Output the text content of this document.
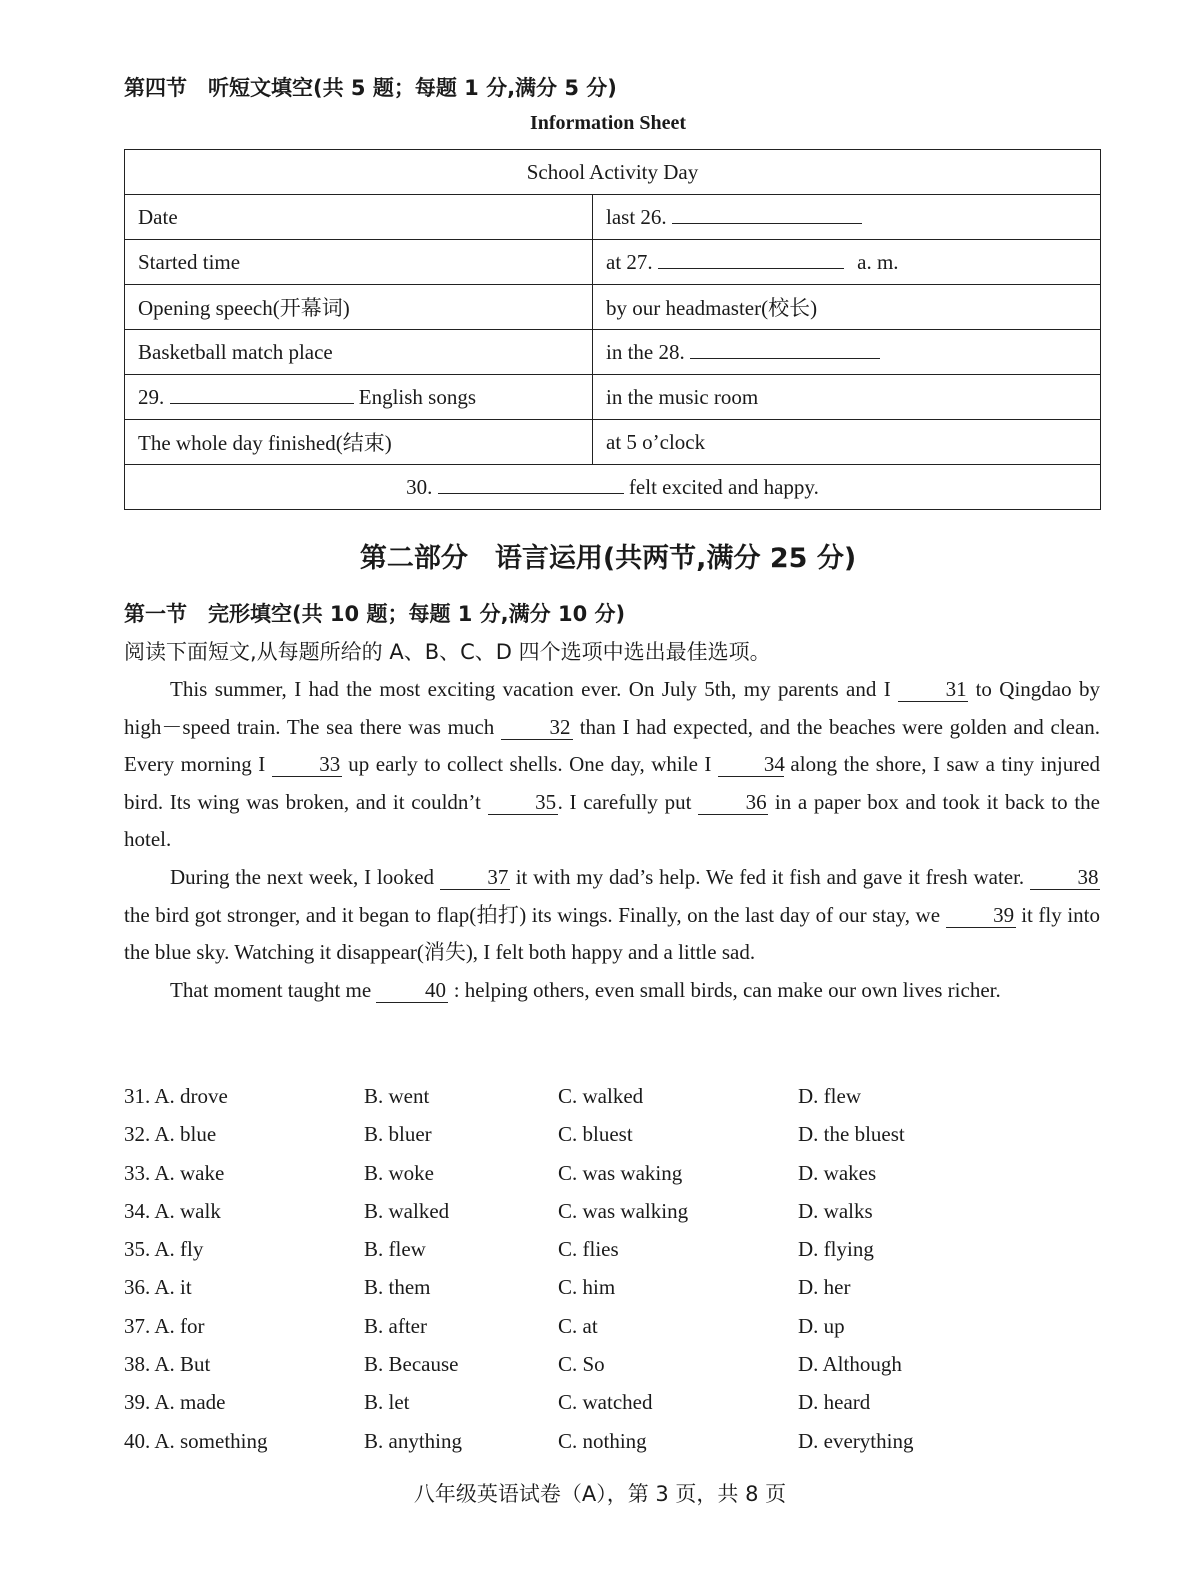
第四节　听短文填空(共 5 题；每题 1 分,满分 5 分)
Information Sheet
School Activity Day	
Date	last 26.
Started time	at 27. a. m.
Opening speech(开幕词)	by our headmaster(校长)
Basketball match place	in the 28.
29. English songs	in the music room
The whole day finished(结束)	at 5 o’clock
30. felt excited and happy.	
第二部分　语言运用(共两节,满分 25 分)
第一节　完形填空(共 10 题；每题 1 分,满分 10 分)
阅读下面短文,从每题所给的 A、B、C、D 四个选项中选出最佳选项。

This summer, I had the most exciting vacation ever. On July 5th, my parents and I	31 to Qingdao by high－speed train. The sea there was much	32 than I had expected, and the beaches were golden and clean. Every morning I	33 up early to collect shells. One day, while I	34 along the shore, I saw a tiny injured bird. Its wing was broken, and it couldn’t	35. I carefully put	36 in a paper box and took it back to the hotel.

During the next week, I looked	37 it with my dad’s help. We fed it fish and gave it fresh water.	38 the bird got stronger, and it began to flap(拍打) its wings. Finally, on the last day of our stay, we	39 it fly into the blue sky. Watching it disappear(消失), I felt both happy and a little sad.

That moment taught me	40 : helping others, even small birds, can make our own lives richer.

31. A. drove	B. went	C. walked	D. flew
32. A. blue	B. bluer	C. bluest	D. the bluest
33. A. wake	B. woke	C. was waking	D. wakes
34. A. walk	B. walked	C. was walking	D. walks
35. A. fly	B. flew	C. flies	D. flying
36. A. it	B. them	C. him	D. her
37. A. for	B. after	C. at	D. up
38. A. But	B. Because	C. So	D. Although
39. A. made	B. let	C. watched	D. heard
40. A. something	B. anything	C. nothing	D. everything
八年级英语试卷（A），第 3 页，共 8 页
